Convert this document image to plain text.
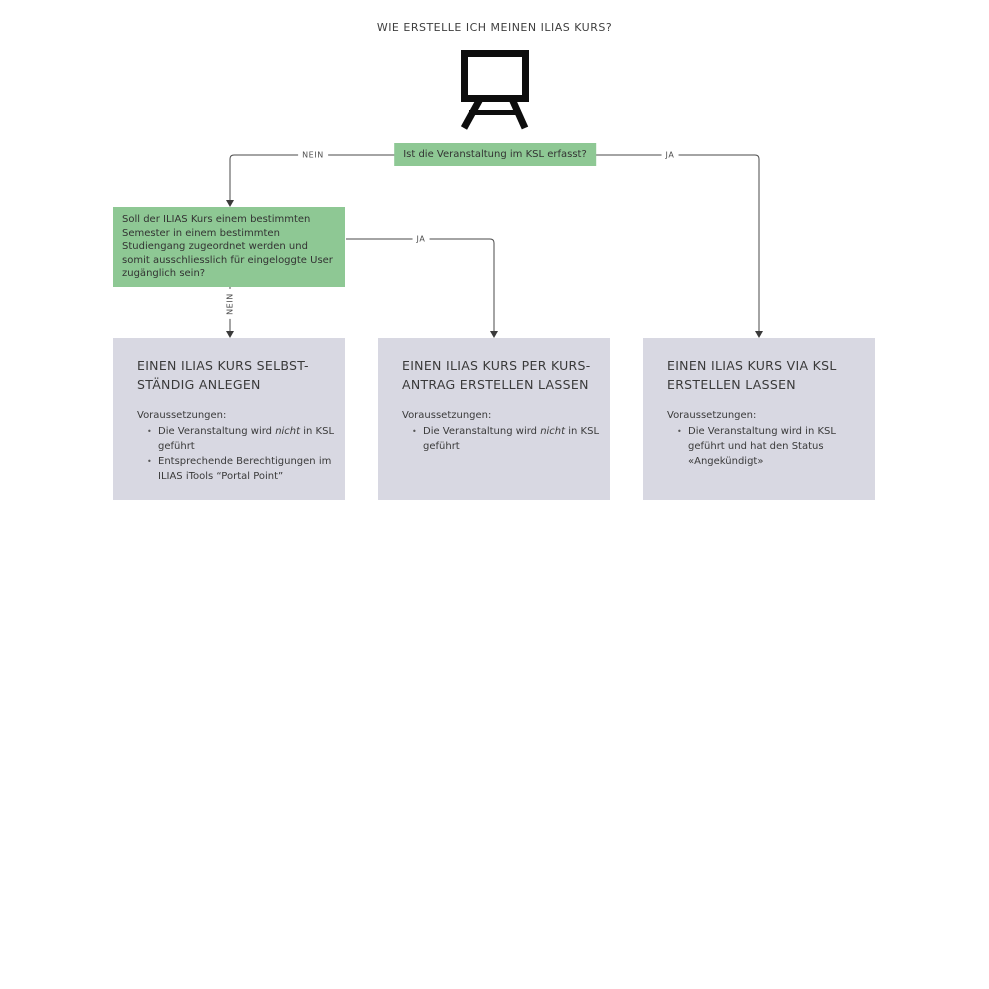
WIE ERSTELLE ICH MEINEN ILIAS KURS?
NEIN	JA
JA
NEIN
Ist die Veranstaltung im KSL erfasst?
Soll der ILIAS Kurs einem bestimmten Semester in einem bestimmten Studiengang zugeordnet werden und somit ausschliesslich für eingeloggte User zugänglich sein?
EINEN ILIAS KURS SELBST-
STÄNDIG ANLEGEN
Voraussetzungen:
• Die Veranstaltung wird nicht in KSL geführt
• Entsprechende Berechtigungen im ILIAS iTools “Portal Point”
EINEN ILIAS KURS PER KURS-
ANTRAG ERSTELLEN LASSEN
Voraussetzungen:
• Die Veranstaltung wird nicht in KSL geführt
EINEN ILIAS KURS VIA KSL
ERSTELLEN LASSEN
Voraussetzungen:
• Die Veranstaltung wird in KSL geführt und hat den Status «Angekündigt»
